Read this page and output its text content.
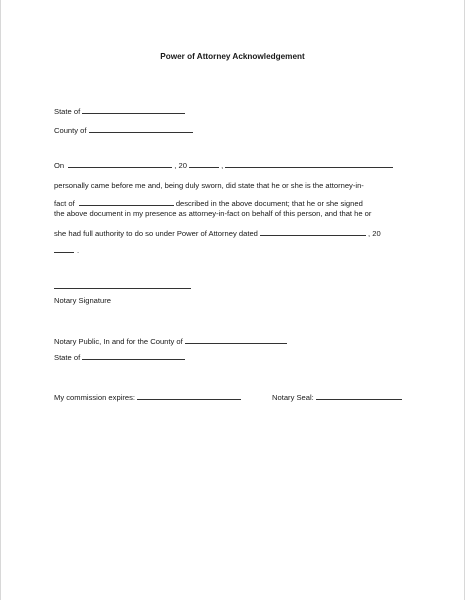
Power of Attorney Acknowledgement
State of
County of
On	, 20	,
personally came before me and, being duly sworn, did state that he or she is the attorney-in-
fact of	described in the above document; that he or she signed
the above document in my presence as attorney-in-fact on behalf of this person, and that he or
she had full authority to do so under Power of Attorney dated	, 20
.
Notary Signature
Notary Public, In and for the County of
State of
My commission expires:	Notary Seal:
